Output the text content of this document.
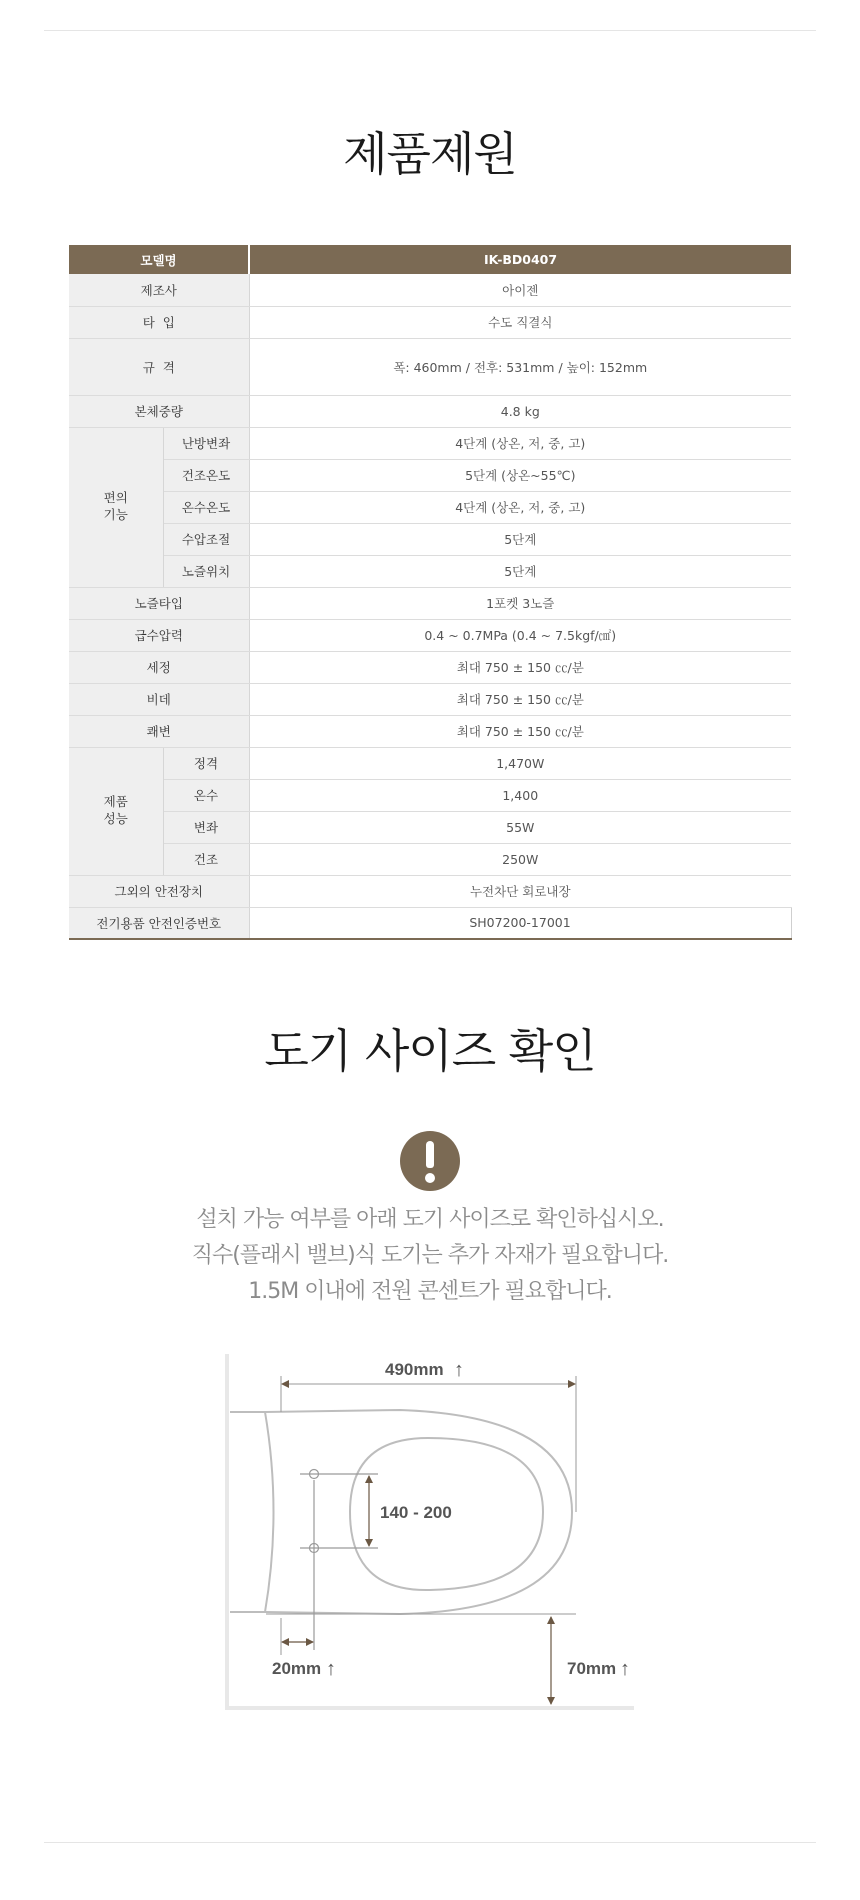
제품제원
모델명		IK-BD0407
제조사		아이젠
타  입		수도 직결식
규  격		폭: 460mm / 전후: 531mm / 높이: 152mm
본체중량		4.8 kg
편의
기능	난방변좌	4단계 (상온, 저, 중, 고)
	건조온도	5단계 (상온~55℃)
	온수온도	4단계 (상온, 저, 중, 고)
	수압조절	5단계
	노즐위치	5단계
노즐타입		1포켓 3노즐
급수압력		0.4 ~ 0.7MPa (0.4 ~ 7.5kgf/㎠)
세정		최대 750 ± 150 ㏄/분
비데		최대 750 ± 150 ㏄/분
쾌변		최대 750 ± 150 ㏄/분
제품
성능	정격	1,470W
	온수	1,400
	변좌	55W
	건조	250W
그외의 안전장치		누전차단 회로내장
전기용품 안전인증번호		SH07200-17001
도기 사이즈 확인

설치 가능 여부를 아래 도기 사이즈로 확인하십시오.

직수(플래시 밸브)식 도기는 추가 자재가 필요합니다.

1.5M 이내에 전원 콘센트가 필요합니다.

490mm ↑
140 - 200
20mm ↑	70mm ↑
